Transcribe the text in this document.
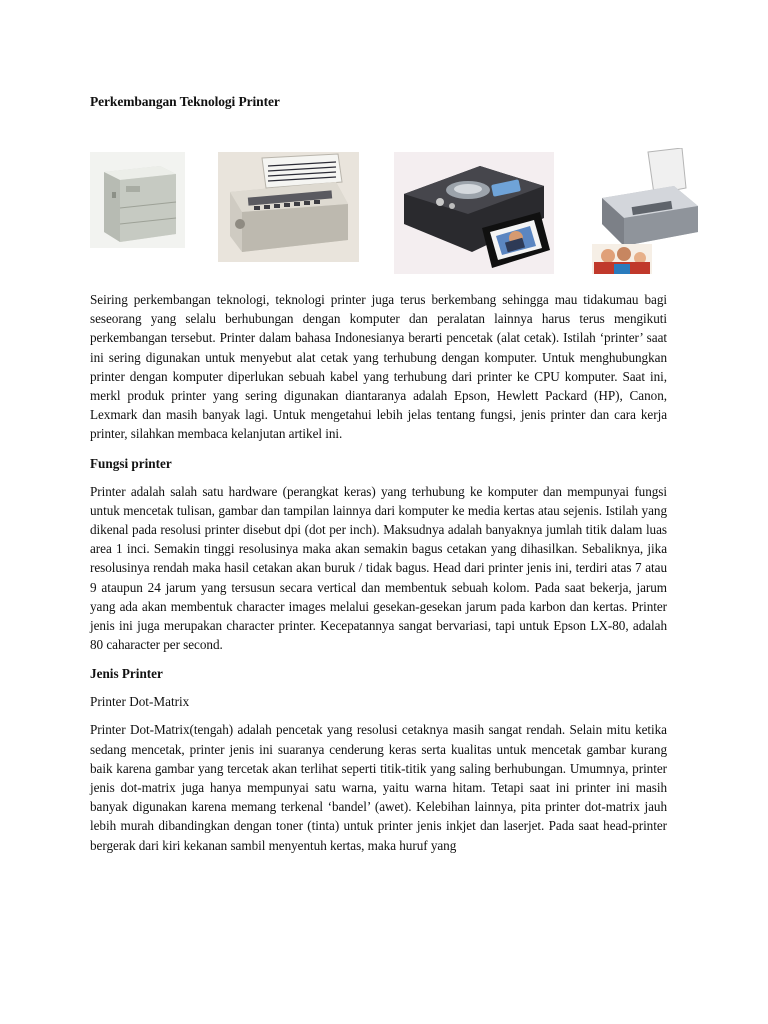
Perkembangan Teknologi Printer

Seiring perkembangan teknologi, teknologi printer juga terus berkembang sehingga mau tidakumau bagi seseorang yang selalu berhubungan dengan komputer dan peralatan lainnya harus terus mengikuti perkembangan tersebut. Printer dalam bahasa Indonesianya berarti pencetak (alat cetak). Istilah ‘printer’ saat ini sering digunakan untuk menyebut alat cetak yang terhubung dengan komputer. Untuk menghubungkan printer dengan komputer diperlukan sebuah kabel yang terhubung dari printer ke CPU komputer. Saat ini, merkl produk printer yang sering digunakan diantaranya adalah Epson, Hewlett Packard (HP), Canon, Lexmark dan masih banyak lagi. Untuk mengetahui lebih jelas tentang fungsi, jenis printer dan cara kerja printer, silahkan membaca kelanjutan artikel ini.

Fungsi printer

Printer adalah salah satu hardware (perangkat keras) yang terhubung ke komputer dan mempunyai fungsi untuk mencetak tulisan, gambar dan tampilan lainnya dari komputer ke media kertas atau sejenis. Istilah yang dikenal pada resolusi printer disebut dpi (dot per inch). Maksudnya adalah banyaknya jumlah titik dalam luas area 1 inci. Semakin tinggi resolusinya maka akan semakin bagus cetakan yang dihasilkan. Sebaliknya, jika resolusinya rendah maka hasil cetakan akan buruk / tidak bagus. Head dari printer jenis ini, terdiri atas 7 atau 9 ataupun 24 jarum yang tersusun secara vertical dan membentuk sebuah kolom. Pada saat bekerja, jarum yang ada akan membentuk character images melalui gesekan-gesekan jarum pada karbon dan kertas. Printer jenis ini juga merupakan character printer. Kecepatannya sangat bervariasi, tapi untuk Epson LX-80, adalah 80 caharacter per second.

Jenis Printer
Printer Dot-Matrix

Printer Dot-Matrix(tengah) adalah pencetak yang resolusi cetaknya masih sangat rendah. Selain mitu ketika sedang mencetak, printer jenis ini suaranya cenderung keras serta kualitas untuk mencetak gambar kurang baik karena gambar yang tercetak akan terlihat seperti titik-titik yang saling berhubungan. Umumnya, printer jenis dot-matrix juga hanya mempunyai satu warna, yaitu warna hitam. Tetapi saat ini printer ini masih banyak digunakan karena memang terkenal ‘bandel’ (awet). Kelebihan lainnya, pita printer dot-matrix jauh lebih murah dibandingkan dengan toner (tinta) untuk printer jenis inkjet dan laserjet. Pada saat head-printer bergerak dari kiri kekanan sambil menyentuh kertas, maka huruf yang
